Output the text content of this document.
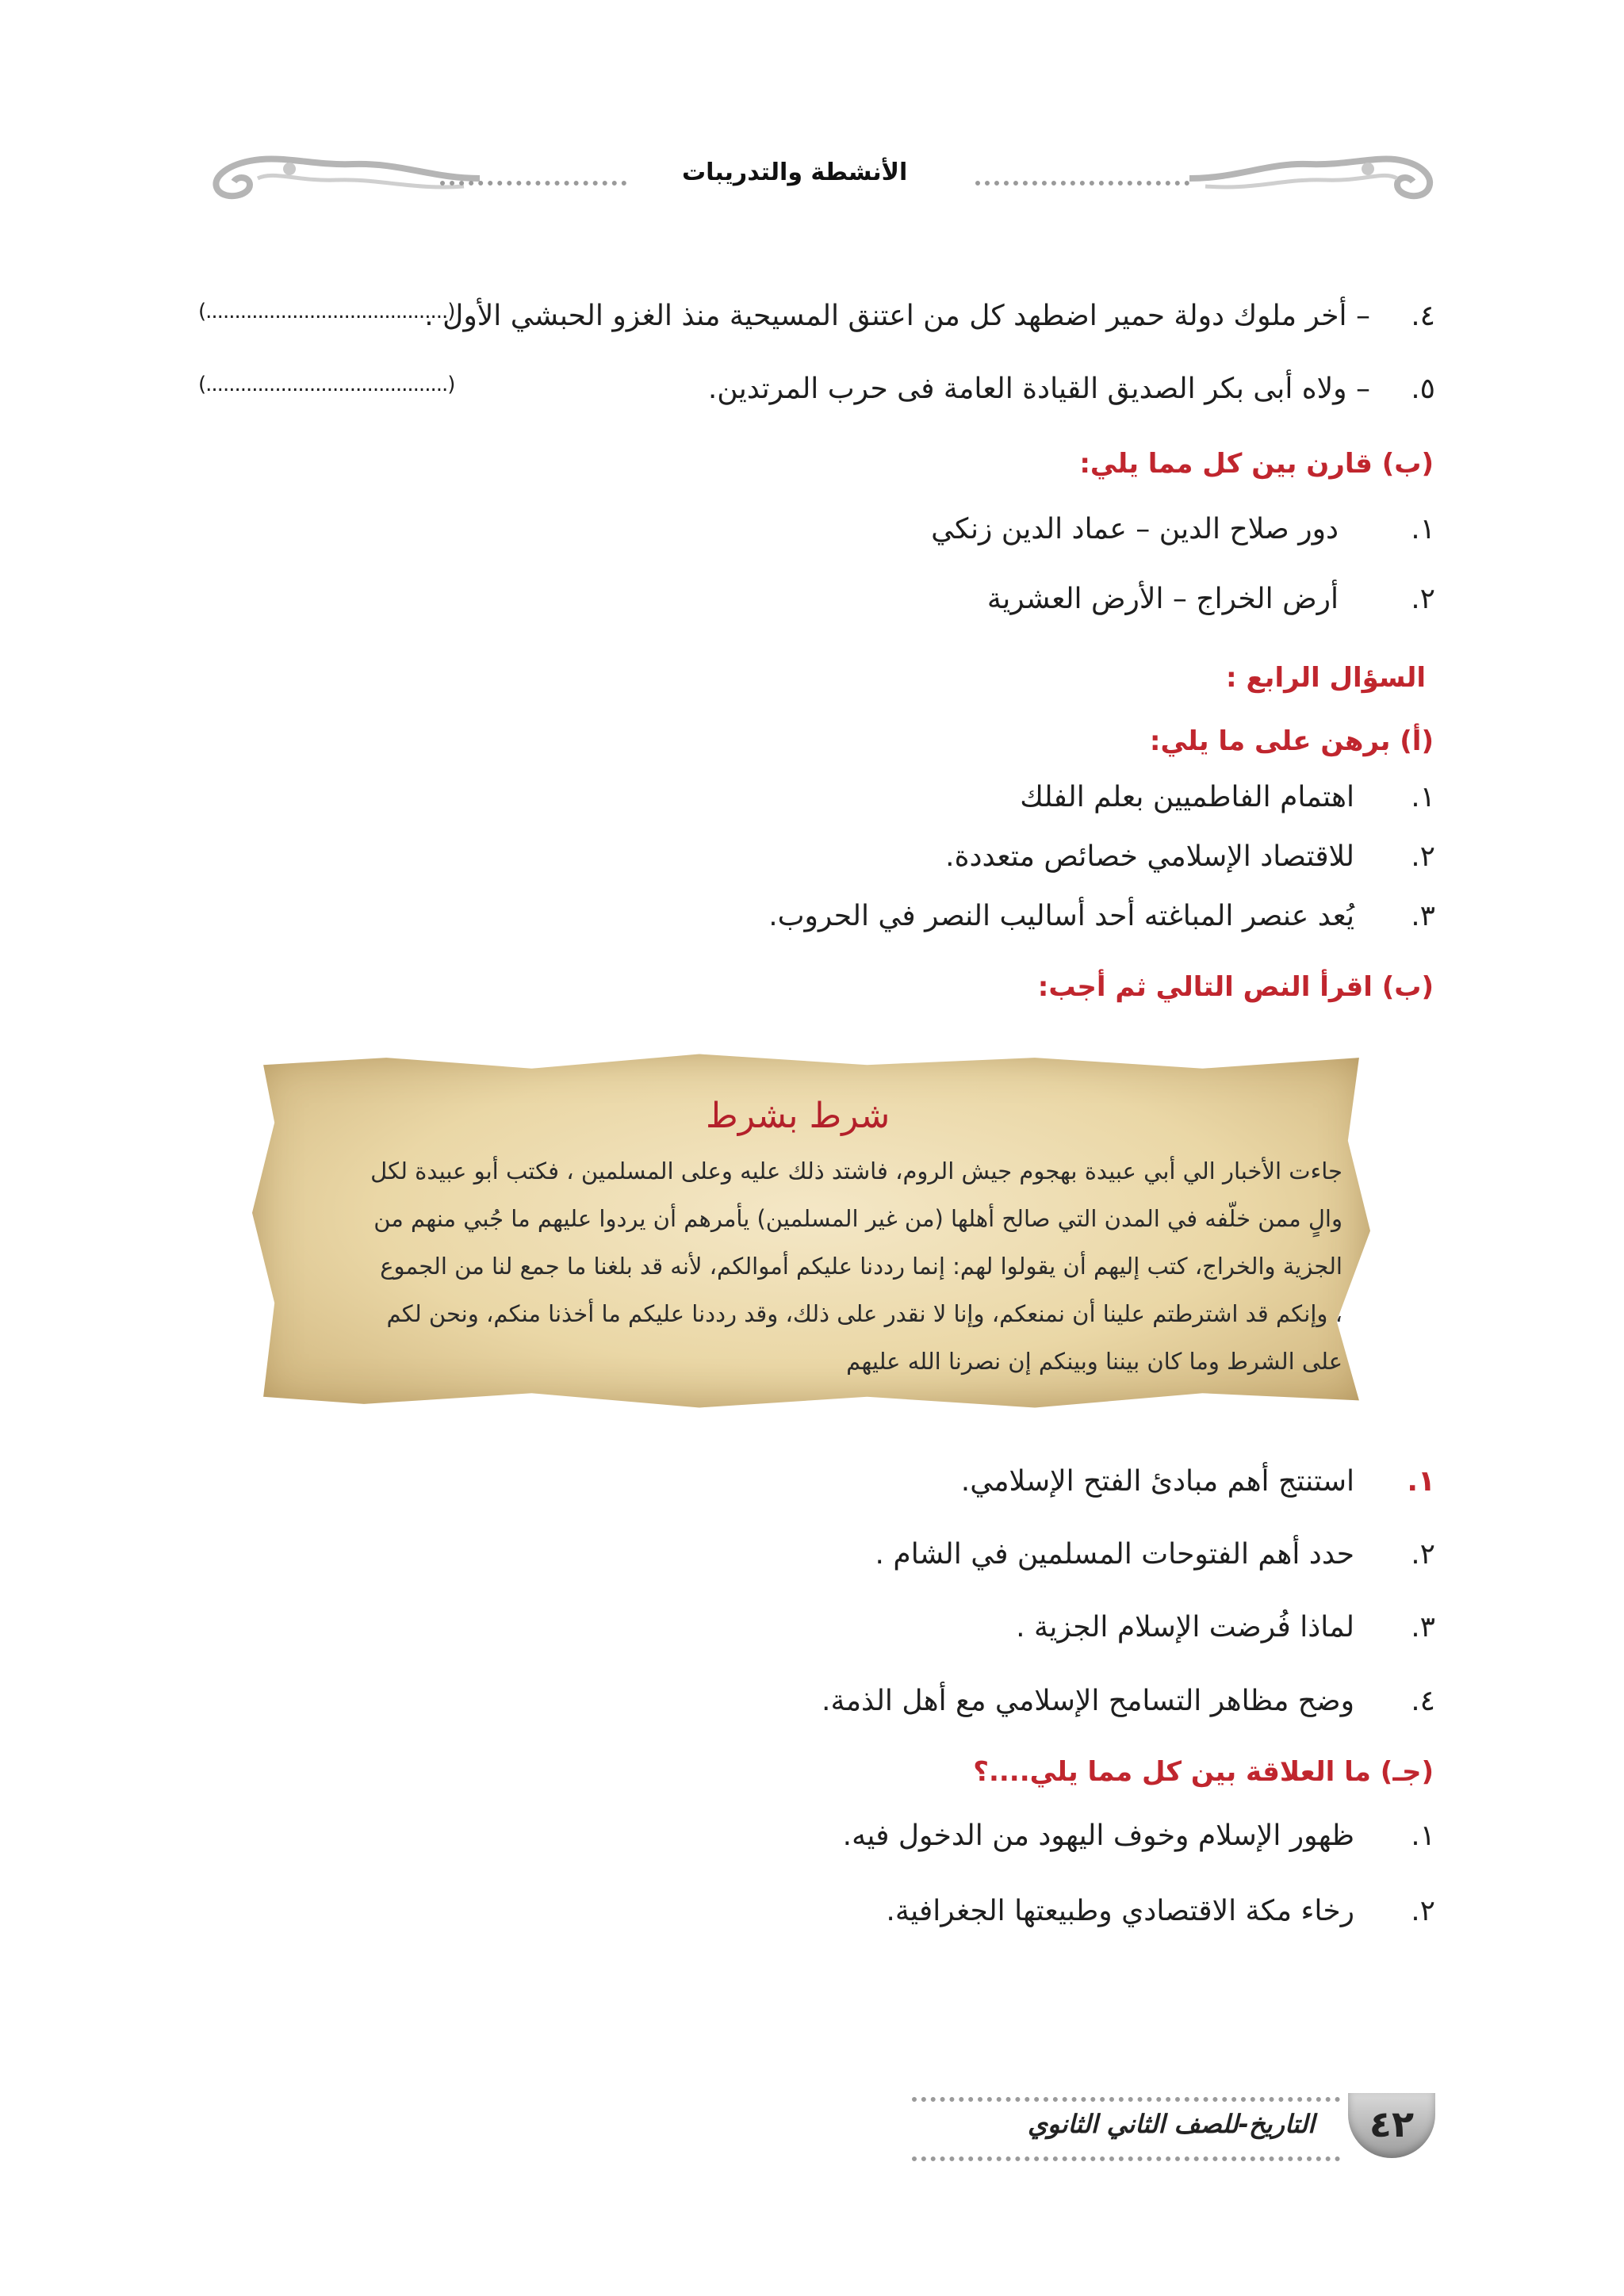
الأنشطة والتدريبات
٤.
– أخر ملوك دولة حمير اضطهد كل من اعتنق المسيحية منذ الغزو الحبشي الأول .
(..........................................)
٥.
– ولاه أبى بكر الصديق القيادة العامة فى حرب المرتدين.
(..........................................)
(ب) قارن بين كل مما يلي:
١.
دور صلاح الدين – عماد الدين زنكي
٢.
أرض الخراج – الأرض العشرية
السؤال الرابع :
(أ) برهن على ما يلي:
١.
اهتمام الفاطميين بعلم الفلك
٢.
للاقتصاد الإسلامي خصائص متعددة.
٣.
يُعد عنصر المباغته أحد أساليب النصر في الحروب.
(ب) اقرأ النص التالي ثم أجب:
شرط بشرط
جاءت الأخبار الي أبي عبيدة بهجوم جيش الروم، فاشتد ذلك عليه وعلى المسلمين ، فكتب أبو عبيدة لكل
والٍ ممن خلّفه في المدن التي صالح أهلها (من غير المسلمين) يأمرهم أن يردوا عليهم ما جُبي منهم من
الجزية والخراج، كتب إليهم أن يقولوا لهم: إنما رددنا عليكم أموالكم، لأنه قد بلغنا ما جمع لنا من الجموع
، وإنكم قد اشترطتم علينا أن نمنعكم، وإنا لا نقدر على ذلك، وقد رددنا عليكم ما أخذنا منكم، ونحن لكم
على الشرط وما كان بيننا وبينكم إن نصرنا الله عليهم
١.
استنتج أهم مبادئ الفتح الإسلامي.
٢.
حدد أهم الفتوحات المسلمين في الشام .
٣.
لماذا فُرضت الإسلام الجزية .
٤.
وضح مظاهر التسامح الإسلامي مع أهل الذمة.
(جـ) ما العلاقة بين كل مما يلي....؟
١.
ظهور الإسلام وخوف اليهود من الدخول فيه.
٢.
رخاء مكة الاقتصادي وطبيعتها الجغرافية.
التاريخ-للصف الثاني الثانوي	٤٢
